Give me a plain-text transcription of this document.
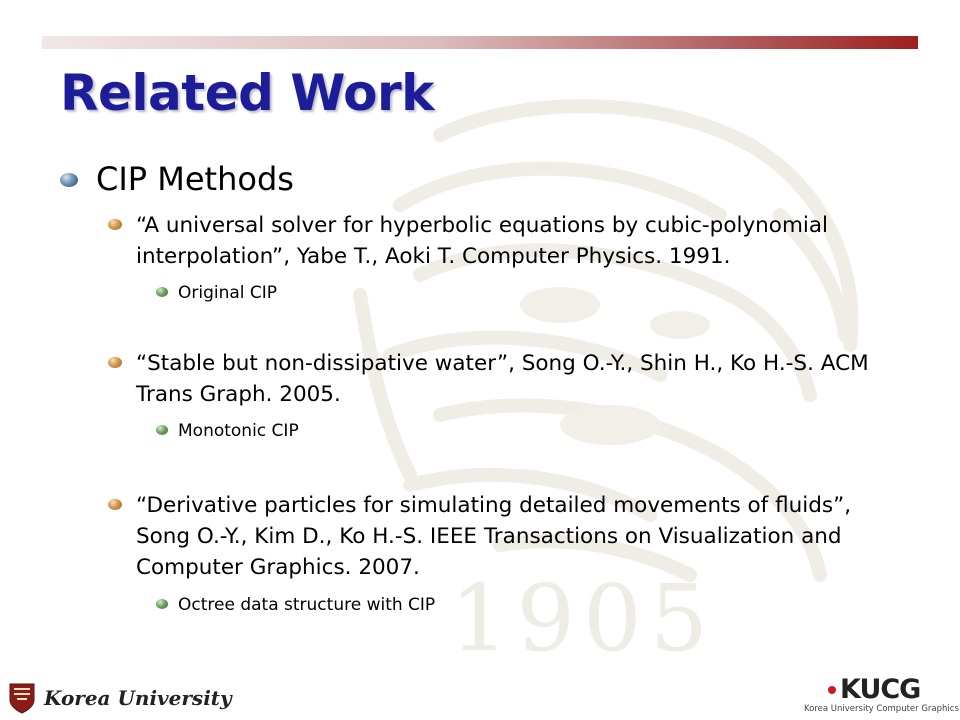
1905
Related Work
CIP Methods
“A universal solver for hyperbolic equations by cubic-polynomial interpolation”, Yabe T., Aoki T. Computer Physics. 1991.
Original CIP
“Stable but non-dissipative water”, Song O.-Y., Shin H., Ko H.-S. ACM Trans Graph. 2005.
Monotonic CIP
“Derivative particles for simulating detailed movements of fluids”, Song O.-Y., Kim D., Ko H.-S. IEEE Transactions on Visualization and Computer Graphics. 2007.
Octree data structure with CIP
Korea University	KUCG
Korea University Computer Graphics
